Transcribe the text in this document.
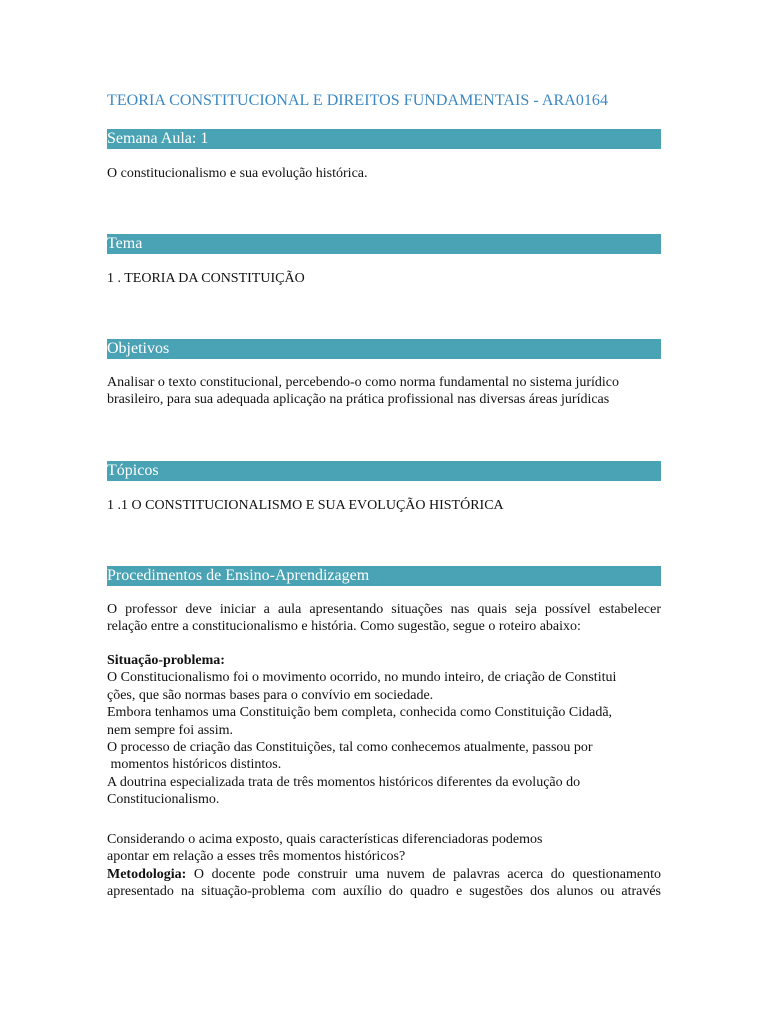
TEORIA CONSTITUCIONAL E DIREITOS FUNDAMENTAIS - ARA0164
Semana Aula: 1
O constitucionalismo e sua evolução histórica.
Tema
1 . TEORIA DA CONSTITUIÇÃO
Objetivos
Analisar o texto constitucional, percebendo-o como norma fundamental no sistema jurídico
brasileiro, para sua adequada aplicação na prática profissional nas diversas áreas jurídicas
Tópicos
1 .1 O CONSTITUCIONALISMO E SUA EVOLUÇÃO HISTÓRICA
Procedimentos de Ensino-Aprendizagem
O professor deve iniciar a aula apresentando situações nas quais seja possível estabelecer
relação entre a constitucionalismo e história. Como sugestão, segue o roteiro abaixo:
Situação-problema:
O Constitucionalismo foi o movimento ocorrido, no mundo inteiro, de criação de Constitui
ções, que são normas bases para o convívio em sociedade.
Embora tenhamos uma Constituição bem completa, conhecida como Constituição Cidadã,
nem sempre foi assim.
O processo de criação das Constituições, tal como conhecemos atualmente, passou por
momentos históricos distintos.
A doutrina especializada trata de três momentos históricos diferentes da evolução do
Constitucionalismo.
Considerando o acima exposto, quais características diferenciadoras podemos
apontar em relação a esses três momentos históricos?
Metodologia: O docente pode construir uma nuvem de palavras acerca do questionamento
apresentado na situação-problema com auxílio do quadro e sugestões dos alunos ou através
